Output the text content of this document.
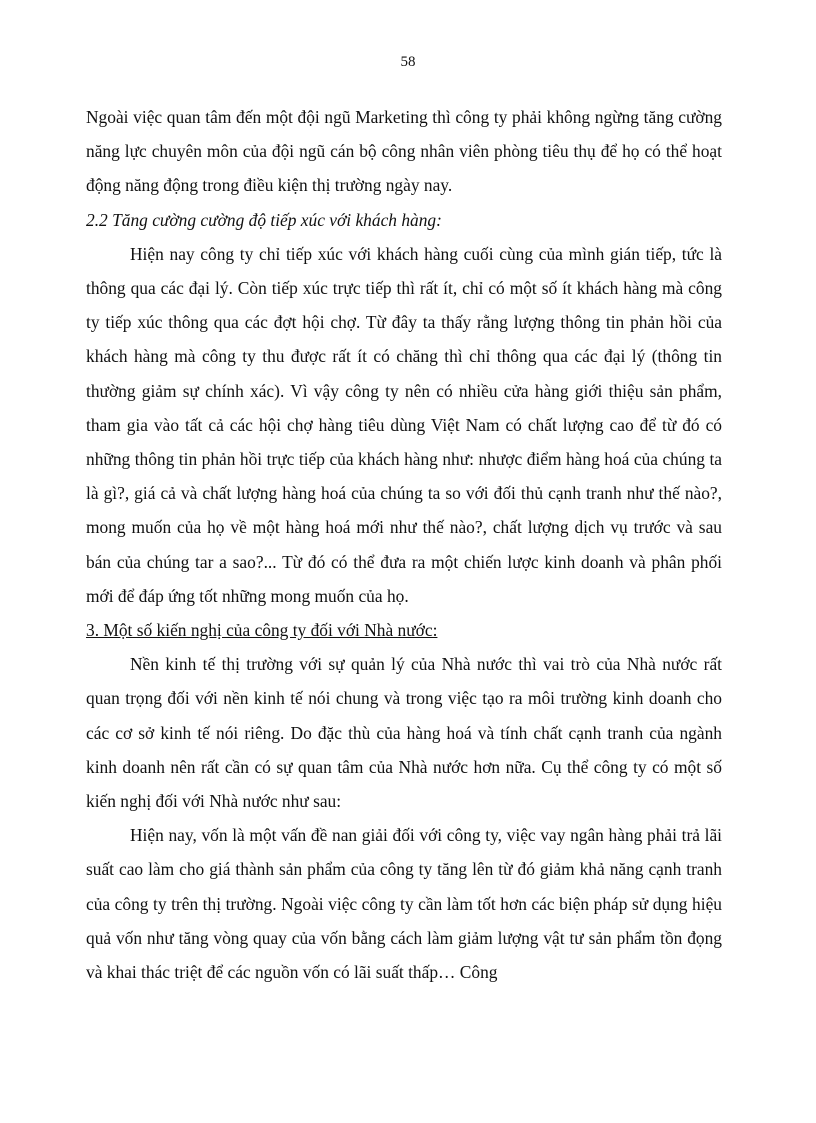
58

Ngoài việc quan tâm đến một đội ngũ Marketing thì công ty phải không ngừng tăng cường năng lực chuyên môn của đội ngũ cán bộ công nhân viên phòng tiêu thụ để họ có thể hoạt động năng động trong điều kiện thị trường ngày nay.

2.2 Tăng cường cường độ tiếp xúc với khách hàng:

Hiện nay công ty chỉ tiếp xúc với khách hàng cuối cùng của mình gián tiếp, tức là thông qua các đại lý. Còn tiếp xúc trực tiếp thì rất ít, chỉ có một số ít khách hàng mà công ty tiếp xúc thông qua các đợt hội chợ. Từ đây ta thấy rằng lượng thông tin phản hồi của khách hàng mà công ty thu được rất ít có chăng thì chỉ thông qua các đại lý (thông tin thường giảm sự chính xác). Vì vậy công ty nên có nhiều cửa hàng giới thiệu sản phẩm, tham gia vào tất cả các hội chợ hàng tiêu dùng Việt Nam có chất lượng cao để từ đó có những thông tin phản hồi trực tiếp của khách hàng như: nhược điểm hàng hoá của chúng ta là gì?, giá cả và chất lượng hàng hoá của chúng ta so với đối thủ cạnh tranh như thế nào?, mong muốn của họ về một hàng hoá mới như thế nào?, chất lượng dịch vụ trước và sau bán của chúng tar a sao?... Từ đó có thể đưa ra một chiến lược kinh doanh và phân phối mới để đáp ứng tốt những mong muốn của họ.

3. Một số kiến nghị của công ty đối với Nhà nước:

Nền kinh tế thị trường với sự quản lý của Nhà nước thì vai trò của Nhà nước rất quan trọng đối với nền kinh tế nói chung và trong việc tạo ra môi trường kinh doanh cho các cơ sở kinh tế nói riêng. Do đặc thù của hàng hoá và tính chất cạnh tranh của ngành kinh doanh nên rất cần có sự quan tâm của Nhà nước hơn nữa. Cụ thể công ty có một số kiến nghị đối với Nhà nước như sau:

Hiện nay, vốn là một vấn đề nan giải đối với công ty, việc vay ngân hàng phải trả lãi suất cao làm cho giá thành sản phẩm của công ty tăng lên từ đó giảm khả năng cạnh tranh của công ty trên thị trường. Ngoài việc công ty cần làm tốt hơn các biện pháp sử dụng hiệu quả vốn như tăng vòng quay của vốn bằng cách làm giảm lượng vật tư sản phẩm tồn đọng và khai thác triệt để các nguồn vốn có lãi suất thấp… Công
